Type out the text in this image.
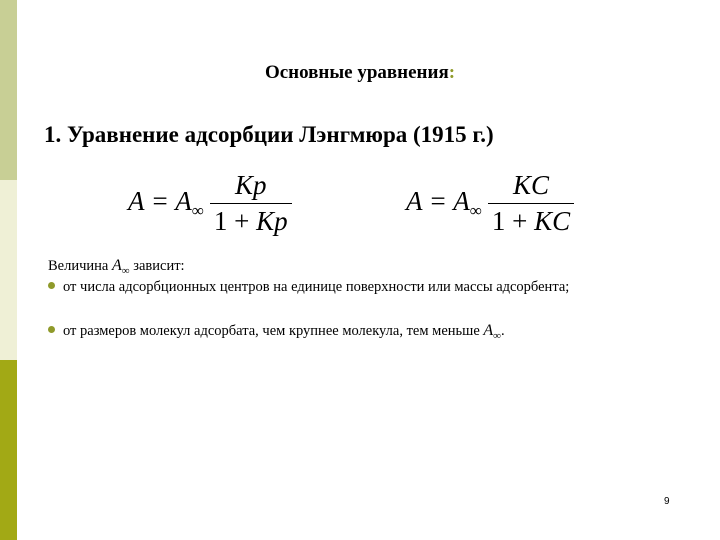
Основные уравнения:
1. Уравнение адсорбции Лэнгмюра (1915 г.)
$A = A_\infty \frac{Kp}{1 + Kp}$	$A = A_\infty \frac{KC}{1 + KC}$
Величина $A_\infty$ зависит:
от числа адсорбционных центров на единице поверхности или массы адсорбента;
от размеров молекул адсорбата, чем крупнее молекула, тем меньше $A_\infty$.
9
